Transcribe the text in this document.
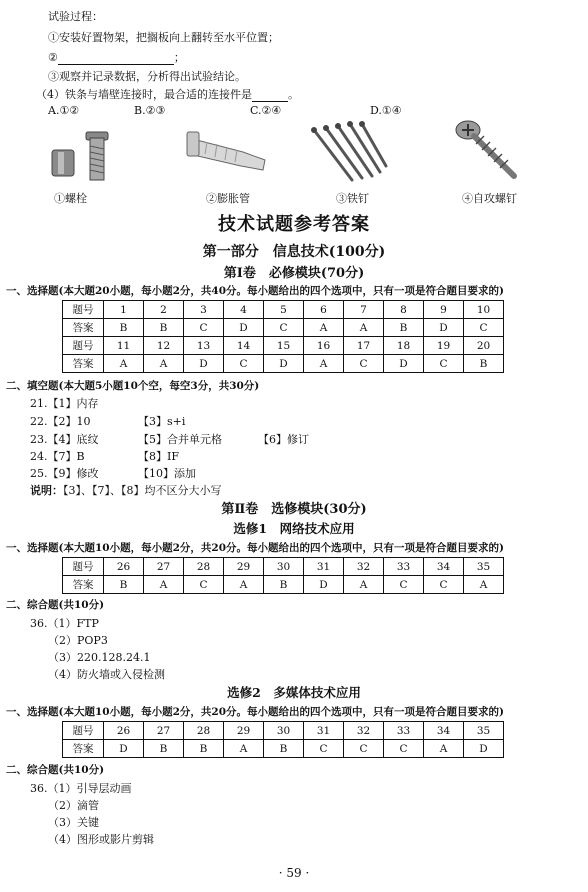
试验过程：
①安装好置物架，把搁板向上翻转至水平位置；
②	；
③观察并记录数据，分析得出试验结论。
（4）铁条与墙壁连接时，最合适的连接件是	。
A.①②	B.②③	C.②④	D.①④
①螺栓	②膨胀管	③铁钉	④自攻螺钉
技术试题参考答案
第一部分　信息技术(100分)
第Ⅰ卷　必修模块(70分)
一、选择题(本大题20小题，每小题2分，共40分。每小题给出的四个选项中，只有一项是符合题目要求的)
题号	1	2	3	4	5	6	7	8	9	10
答案	B	B	C	D	C	A	A	B	D	C
题号	11	12	13	14	15	16	17	18	19	20
答案	A	A	D	C	D	A	C	D	C	B
二、填空题(本大题5小题10个空，每空3分，共30分)
21.【1】内存
22.【2】10	【3】s+i
23.【4】底纹	【5】合并单元格	【6】修订
24.【7】B	【8】IF
25.【9】修改	【10】添加
说明：【3】、【7】、【8】均不区分大小写
第Ⅱ卷　选修模块(30分)
选修1　网络技术应用
一、选择题(本大题10小题，每小题2分，共20分。每小题给出的四个选项中，只有一项是符合题目要求的)
题号	26	27	28	29	30	31	32	33	34	35
答案	B	A	C	A	B	D	A	C	C	A
二、综合题(共10分)
36.（1）FTP
（2）POP3
（3）220.128.24.1
（4）防火墙或入侵检测
选修2　多媒体技术应用
一、选择题(本大题10小题，每小题2分，共20分。每小题给出的四个选项中，只有一项是符合题目要求的)
题号	26	27	28	29	30	31	32	33	34	35
答案	D	B	B	A	B	C	C	C	A	D
二、综合题(共10分)
36.（1）引导层动画
（2）滴管
（3）关键
（4）图形或影片剪辑
· 59 ·
